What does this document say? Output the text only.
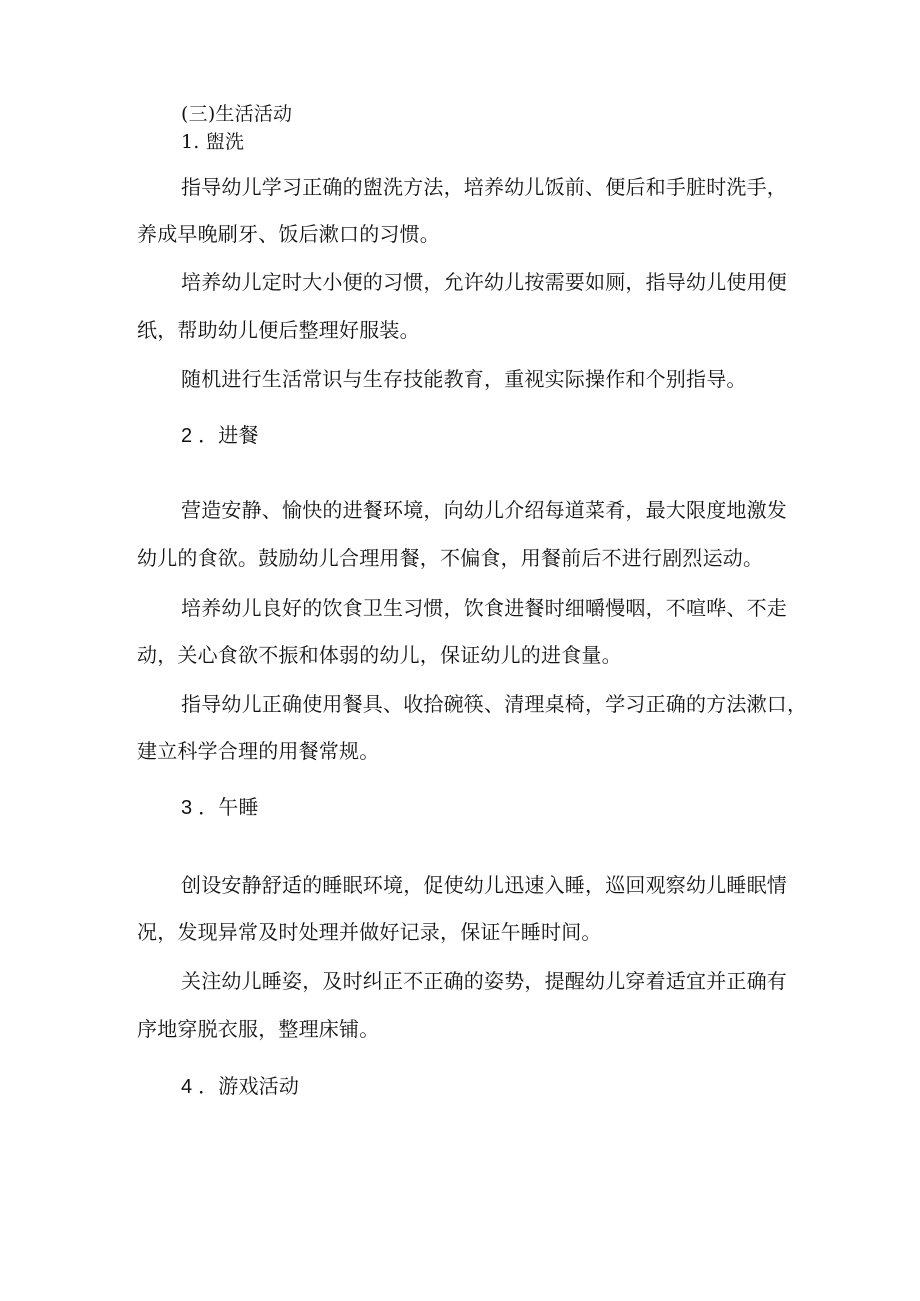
(三)生活活动
1. 盥洗
指导幼儿学习正确的盥洗方法，培养幼儿饭前、便后和手脏时洗手，
养成早晚刷牙、饭后漱口的习惯。
培养幼儿定时大小便的习惯，允许幼儿按需要如厕，指导幼儿使用便
纸，帮助幼儿便后整理好服装。
随机进行生活常识与生存技能教育，重视实际操作和个别指导。
2 ．进餐
营造安静、愉快的进餐环境，向幼儿介绍每道菜肴，最大限度地激发
幼儿的食欲。鼓励幼儿合理用餐，不偏食，用餐前后不进行剧烈运动。
培养幼儿良好的饮食卫生习惯，饮食进餐时细嚼慢咽，不喧哗、不走
动，关心食欲不振和体弱的幼儿，保证幼儿的进食量。
指导幼儿正确使用餐具、收拾碗筷、清理桌椅，学习正确的方法漱口，
建立科学合理的用餐常规。
3 ．午睡
创设安静舒适的睡眠环境，促使幼儿迅速入睡，巡回观察幼儿睡眠情
况，发现异常及时处理并做好记录，保证午睡时间。
关注幼儿睡姿，及时纠正不正确的姿势，提醒幼儿穿着适宜并正确有
序地穿脱衣服，整理床铺。
4 ．游戏活动
